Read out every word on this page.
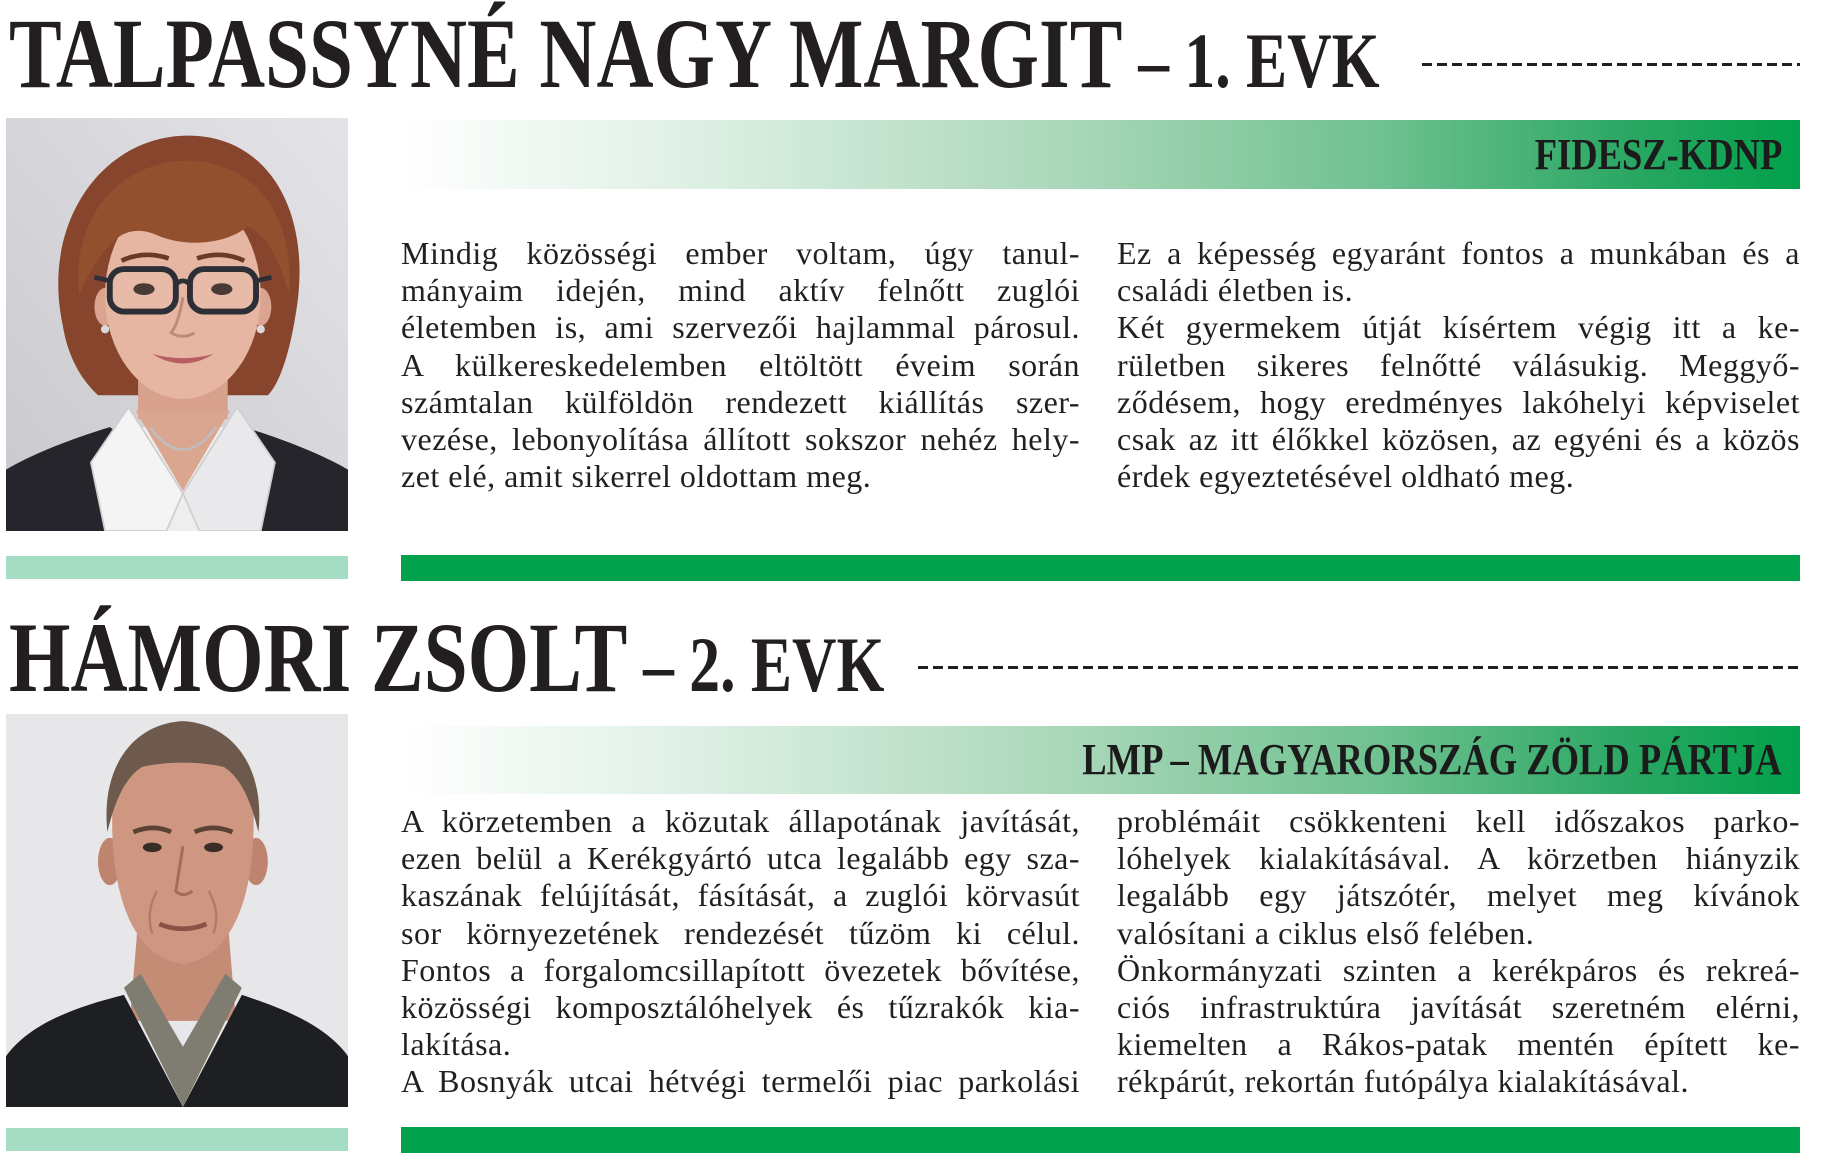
TALPASSYNÉ NAGY MARGIT – 1. EVK
FIDESZ-KDNP
Mindig közösségi ember voltam, úgy tanul-
mányaim idején, mind aktív felnőtt zuglói
életemben is, ami szervezői hajlammal párosul.
A külkereskedelemben eltöltött éveim során
számtalan külföldön rendezett kiállítás szer-
vezése, lebonyolítása állított sokszor nehéz hely-
zet elé, amit sikerrel oldottam meg.
Ez a képesség egyaránt fontos a munkában és a
családi életben is.
Két gyermekem útját kísértem végig itt a ke-
rületben sikeres felnőtté válásukig. Meggyő-
ződésem, hogy eredményes lakóhelyi képviselet
csak az itt élőkkel közösen, az egyéni és a közös
érdek egyeztetésével oldható meg.
HÁMORI ZSOLT – 2. EVK
LMP – MAGYARORSZÁG ZÖLD PÁRTJA
A körzetemben a közutak állapotának javítását,
ezen belül a Kerékgyártó utca legalább egy sza-
kaszának felújítását, fásítását, a zuglói körvasút
sor környezetének rendezését tűzöm ki célul.
Fontos a forgalomcsillapított övezetek bővítése,
közösségi komposztálóhelyek és tűzrakók kia-
lakítása.
A Bosnyák utcai hétvégi termelői piac parkolási
problémáit csökkenteni kell időszakos parko-
lóhelyek kialakításával. A körzetben hiányzik
legalább egy játszótér, melyet meg kívánok
valósítani a ciklus első felében.
Önkormányzati szinten a kerékpáros és rekreá-
ciós infrastruktúra javítását szeretném elérni,
kiemelten a Rákos-patak mentén épített ke-
rékpárút, rekortán futópálya kialakításával.
